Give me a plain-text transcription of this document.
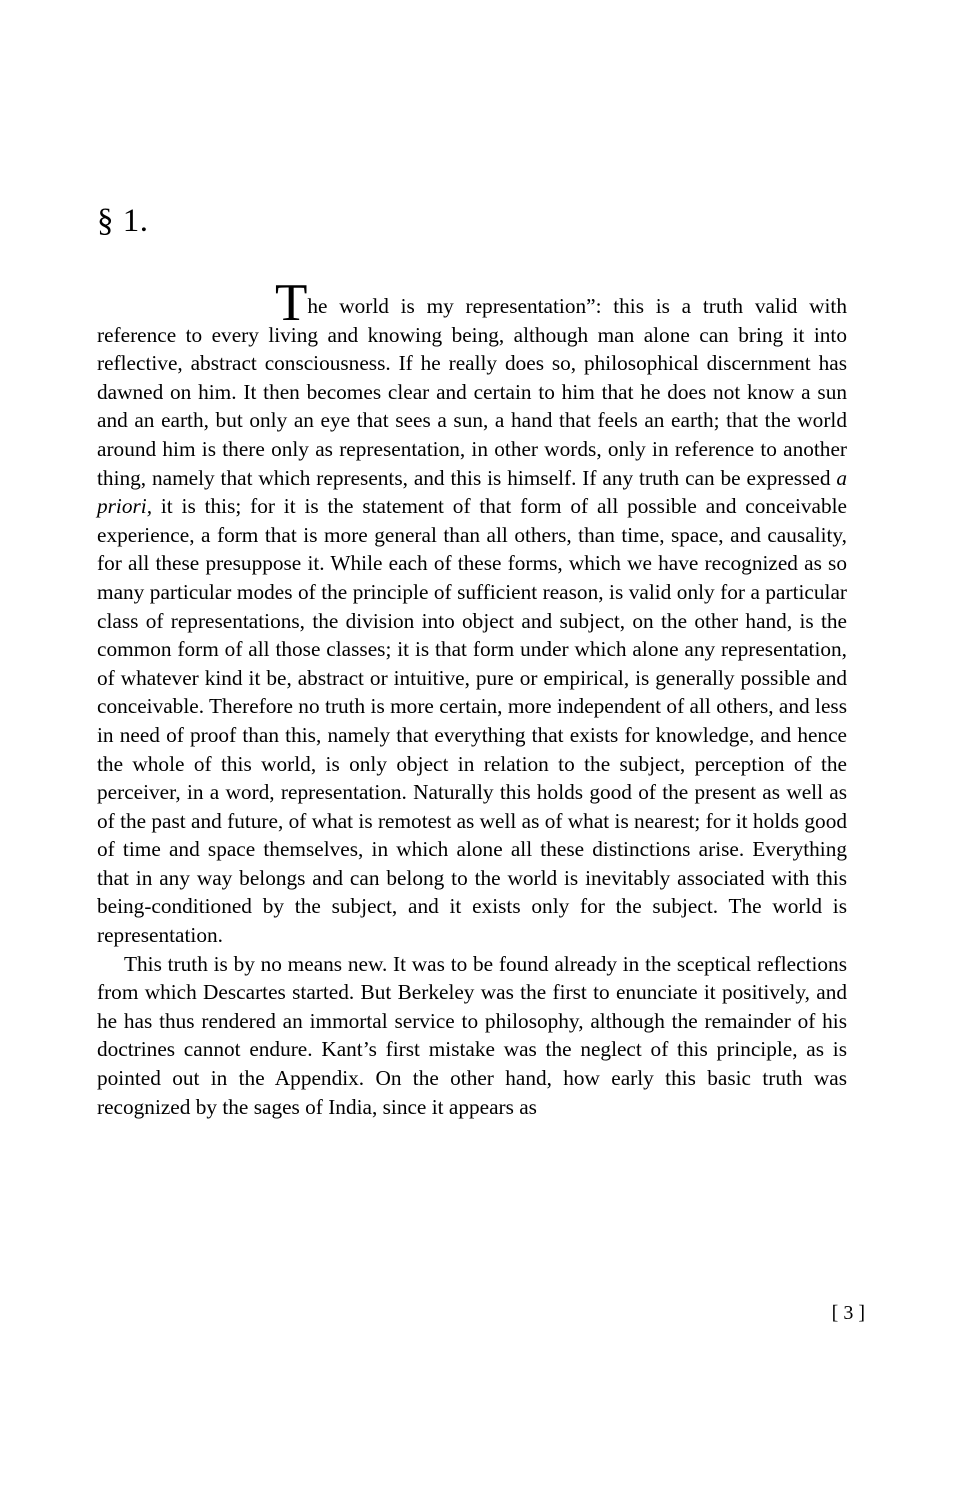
§ 1.

The world is my representation”: this is a truth valid with reference to every living and knowing being, although man alone can bring it into reflective, abstract consciousness. If he really does so, philosophical discernment has dawned on him. It then becomes clear and certain to him that he does not know a sun and an earth, but only an eye that sees a sun, a hand that feels an earth; that the world around him is there only as representation, in other words, only in reference to another thing, namely that which represents, and this is himself. If any truth can be expressed a priori, it is this; for it is the statement of that form of all possible and conceivable experience, a form that is more general than all others, than time, space, and causality, for all these presuppose it. While each of these forms, which we have recognized as so many particular modes of the principle of sufficient reason, is valid only for a particular class of representations, the division into object and subject, on the other hand, is the common form of all those classes; it is that form under which alone any representation, of whatever kind it be, abstract or intuitive, pure or empirical, is generally possible and conceivable. Therefore no truth is more certain, more independent of all others, and less in need of proof than this, namely that everything that exists for knowledge, and hence the whole of this world, is only object in relation to the subject, perception of the perceiver, in a word, representation. Naturally this holds good of the present as well as of the past and future, of what is remotest as well as of what is nearest; for it holds good of time and space themselves, in which alone all these distinctions arise. Everything that in any way belongs and can belong to the world is inevitably associated with this being-conditioned by the subject, and it exists only for the subject. The world is representation.

This truth is by no means new. It was to be found already in the sceptical reflections from which Descartes started. But Berkeley was the first to enunciate it positively, and he has thus rendered an immortal service to philosophy, although the remainder of his doctrines cannot endure. Kant’s first mistake was the neglect of this principle, as is pointed out in the Appendix. On the other hand, how early this basic truth was recognized by the sages of India, since it appears as

[ 3 ]
